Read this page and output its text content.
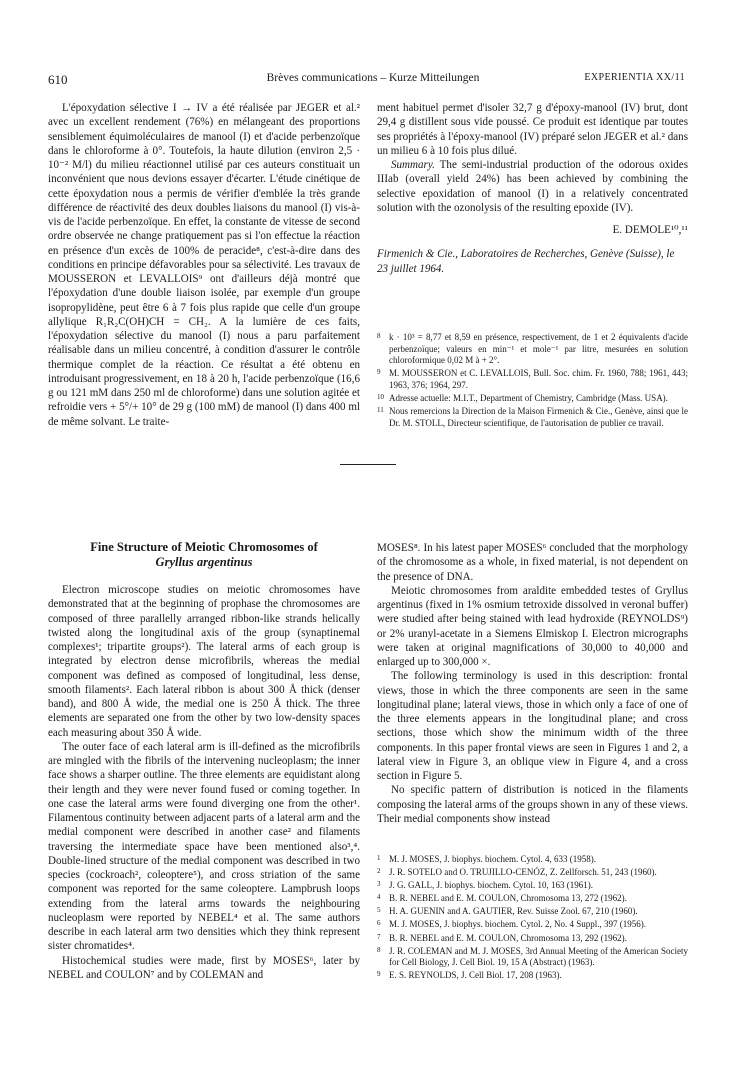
610	Brèves communications – Kurze Mitteilungen	EXPERIENTIA XX/11

L'époxydation sélective I → IV a été réalisée par JEGER et al.² avec un excellent rendement (76%) en mélangeant des proportions sensiblement équimoléculaires de manool (I) et d'acide perbenzoïque dans le chloroforme à 0°. Toutefois, la haute dilution (environ 2,5 · 10⁻² M/l) du milieu réactionnel utilisé par ces auteurs constituait un inconvénient que nous devions essayer d'écarter. L'étude cinétique de cette époxydation nous a permis de vérifier d'emblée la très grande différence de réactivité des deux doubles liaisons du manool (I) vis-à-vis de l'acide perbenzoïque. En effet, la constante de vitesse de second ordre observée ne change pratiquement pas si l'on effectue la réaction en présence d'un excès de 100% de peracide⁸, c'est-à-dire dans des conditions en principe défavorables pour sa sélectivité. Les travaux de MOUSSERON et LEVALLOIS⁹ ont d'ailleurs déjà montré que l'époxydation d'une double liaison isolée, par exemple d'un groupe isopropylidène, peut être 6 à 7 fois plus rapide que celle d'un groupe allylique R₁R₂C(OH)CH = CH₂. A la lumière de ces faits, l'époxydation sélective du manool (I) nous a paru parfaitement réalisable dans un milieu concentré, à condition d'assurer le contrôle thermique complet de la réaction. Ce résultat a été obtenu en introduisant progressivement, en 18 à 20 h, l'acide perbenzoïque (16,6 g ou 121 mM dans 250 ml de chloroforme) dans une solution agitée et refroidie vers + 5°/+ 10° de 29 g (100 mM) de manool (I) dans 400 ml de même solvant. Le traite-

ment habituel permet d'isoler 32,7 g d'époxy-manool (IV) brut, dont 29,4 g distillent sous vide poussé. Ce produit est identique par toutes ses propriétés à l'époxy-manool (IV) préparé selon JEGER et al.² dans un milieu 6 à 10 fois plus dilué.

Summary. The semi-industrial production of the odorous oxides IIIab (overall yield 24%) has been achieved by combining the selective epoxidation of manool (I) in a relatively concentrated solution with the ozonolysis of the resulting epoxide (IV).

E. DEMOLE¹⁰,¹¹

Firmenich & Cie., Laboratoires de Recherches, Genève (Suisse), le 23 juillet 1964.

8 k · 10³ = 8,77 et 8,59 en présence, respectivement, de 1 et 2 équivalents d'acide perbenzoïque; valeurs en min⁻¹ et mole⁻¹ par litre, mesurées en solution chloroformique 0,02 M à + 2°.
9 M. MOUSSERON et C. LEVALLOIS, Bull. Soc. chim. Fr. 1960, 788; 1961, 443; 1963, 376; 1964, 297.
10 Adresse actuelle: M.I.T., Department of Chemistry, Cambridge (Mass. USA).
11 Nous remercions la Direction de la Maison Firmenich & Cie., Genève, ainsi que le Dr. M. STOLL, Directeur scientifique, de l'autorisation de publier ce travail.
Fine Structure of Meiotic Chromosomes of
Gryllus argentinus

Electron microscope studies on meiotic chromosomes have demonstrated that at the beginning of prophase the chromosomes are composed of three parallelly arranged ribbon-like strands helically twisted along the longitudinal axis of the group (synaptinemal complexes¹; tripartite groups²). The lateral arms of each group is integrated by electron dense microfibrils, whereas the medial component was defined as composed of longitudinal, less dense, smooth filaments². Each lateral ribbon is about 300 Å thick (denser band), and 800 Å wide, the medial one is 250 Å thick. The three elements are separated one from the other by two low-density spaces each measuring about 350 Å wide.

The outer face of each lateral arm is ill-defined as the microfibrils are mingled with the fibrils of the intervening nucleoplasm; the inner face shows a sharper outline. The three elements are equidistant along their length and they were never found fused or coming together. In one case the lateral arms were found diverging one from the other¹. Filamentous continuity between adjacent parts of a lateral arm and the medial component were described in another case² and filaments traversing the intermediate space have been mentioned also³,⁴. Double-lined structure of the medial component was described in two species (cockroach², coleoptere⁵), and cross striation of the same component was reported for the same coleoptere. Lampbrush loops extending from the lateral arms towards the neighbouring nucleoplasm were reported by NEBEL⁴ et al. The same authors describe in each lateral arm two densities which they think represent sister chromatides⁴.

Histochemical studies were made, first by MOSES⁶, later by NEBEL and COULON⁷ and by COLEMAN and

MOSES⁸. In his latest paper MOSES⁶ concluded that the morphology of the chromosome as a whole, in fixed material, is not dependent on the presence of DNA.

Meiotic chromosomes from araldite embedded testes of Gryllus argentinus (fixed in 1% osmium tetroxide dissolved in veronal buffer) were studied after being stained with lead hydroxide (REYNOLDS⁹) or 2% uranyl-acetate in a Siemens Elmiskop I. Electron micrographs were taken at original magnifications of 30,000 to 40,000 and enlarged up to 300,000 ×.

The following terminology is used in this description: frontal views, those in which the three components are seen in the same longitudinal plane; lateral views, those in which only a face of one of the three elements appears in the longitudinal plane; and cross sections, those which show the minimum width of the three components. In this paper frontal views are seen in Figures 1 and 2, a lateral view in Figure 3, an oblique view in Figure 4, and a cross section in Figure 5.

No specific pattern of distribution is noticed in the filaments composing the lateral arms of the groups shown in any of these views. Their medial components show instead

1 M. J. MOSES, J. biophys. biochem. Cytol. 4, 633 (1958).
2 J. R. SOTELO and O. TRUJILLO-CENÓZ, Z. Zellforsch. 51, 243 (1960).
3 J. G. GALL, J. biophys. biochem. Cytol. 10, 163 (1961).
4 B. R. NEBEL and E. M. COULON, Chromosoma 13, 272 (1962).
5 H. A. GUENIN and A. GAUTIER, Rev. Suisse Zool. 67, 210 (1960).
6 M. J. MOSES, J. biophys. biochem. Cytol. 2, No. 4 Suppl., 397 (1956).
7 B. R. NEBEL and E. M. COULON, Chromosoma 13, 292 (1962).
8 J. R. COLEMAN and M. J. MOSES, 3rd Annual Meeting of the American Society for Cell Biology, J. Cell Biol. 19, 15 A (Abstract) (1963).
9 E. S. REYNOLDS, J. Cell Biol. 17, 208 (1963).
